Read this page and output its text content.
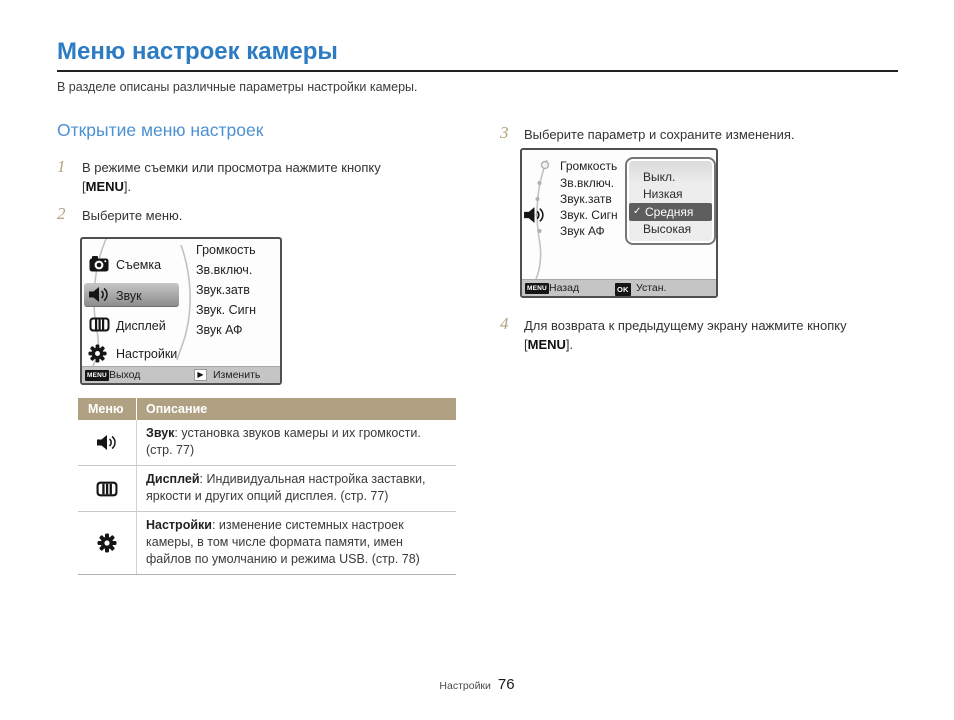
Меню настроек камеры
В разделе описаны различные параметры настройки камеры.
Открытие меню настроек
1 В режиме съемки или просмотра нажмите кнопку
[MENU].
2 Выберите меню.
Съемка
Звук
Дисплей
Настройки
Громкость
Зв.включ.
Звук.затв
Звук. Сигн
Звук АФ
MENU Выход	▶ Изменить
Меню	Описание
Звук: установка звуков камеры и их громкости. (стр. 77)
Дисплей: Индивидуальная настройка заставки, яркости и других опций дисплея. (стр. 77)
Настройки: изменение системных настроек камеры, в том числе формата памяти, имен файлов по умолчанию и режима USB. (стр. 78)
3 Выберите параметр и сохраните изменения.
Громкость
Зв.включ.
Звук.затв
Звук. Сигн
Звук АФ
Выкл.
Низкая
✓ Средняя
Высокая
MENU Назад	OK Устан.
4 Для возврата к предыдущему экрану нажмите кнопку
[MENU].
Настройки 76
